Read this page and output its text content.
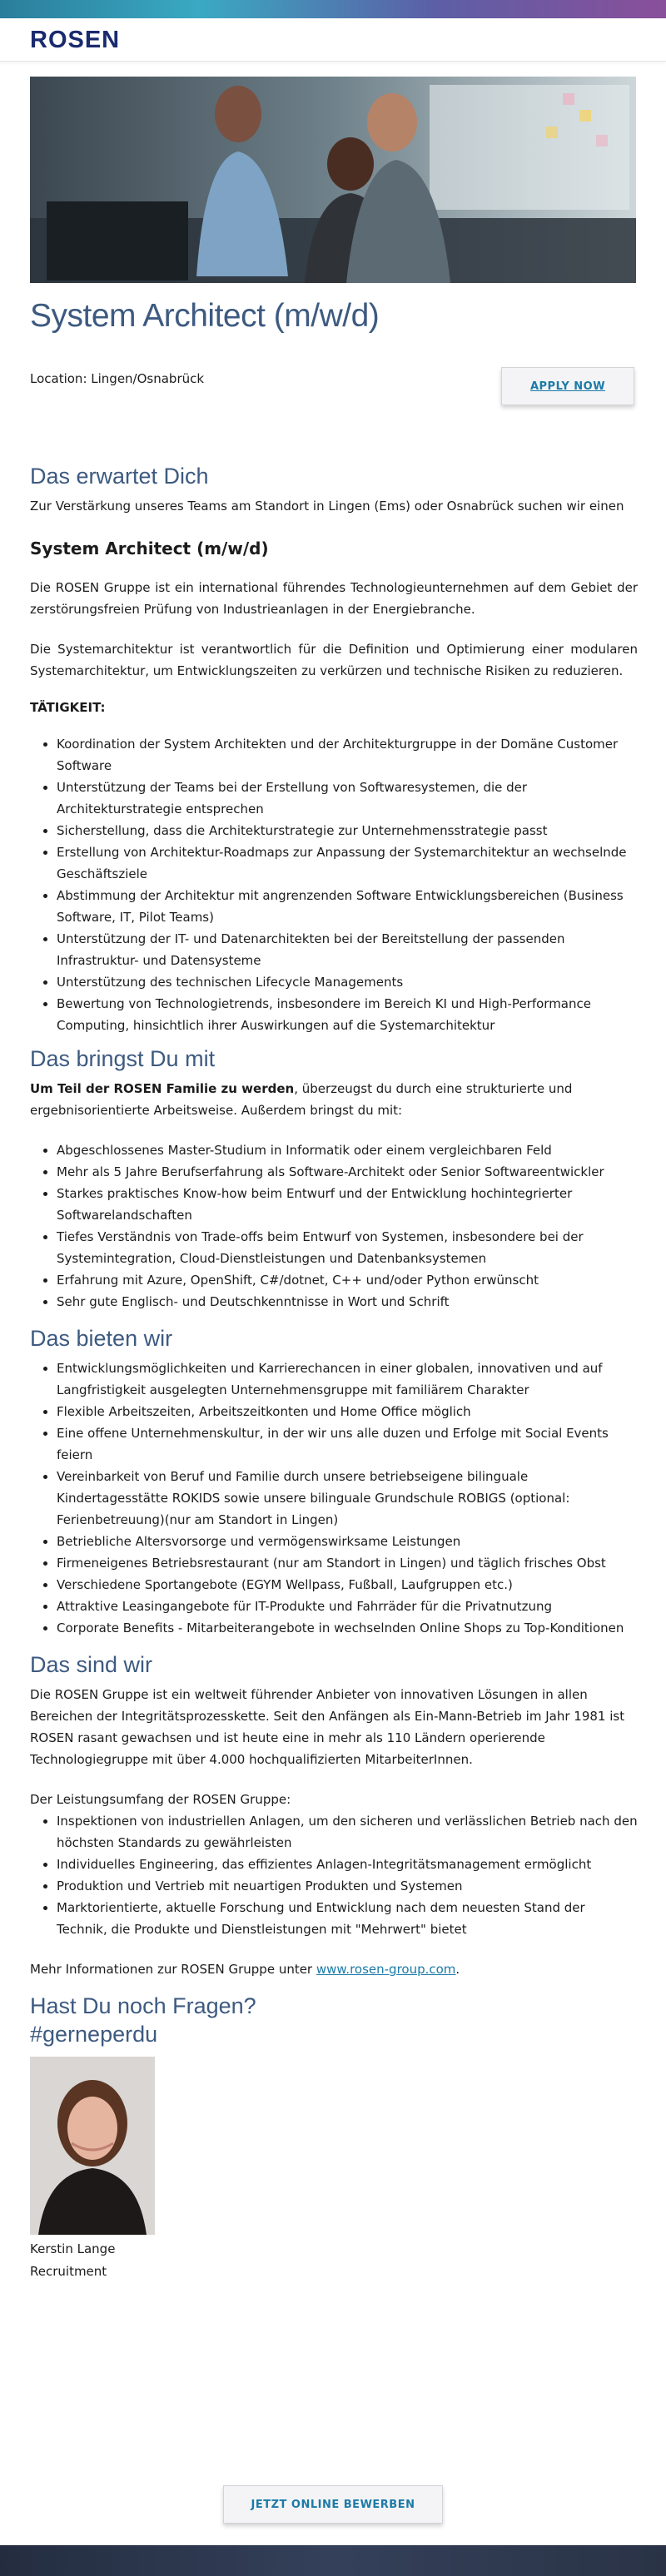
ROSEN
System Architect (m/w/d)
Location: Lingen/Osnabrück	APPLY NOW
Das erwartet Dich

Zur Verstärkung unseres Teams am Standort in Lingen (Ems) oder Osnabrück suchen wir einen

System Architect (m/w/d)

Die ROSEN Gruppe ist ein international führendes Technologieunternehmen auf dem Gebiet der zerstörungsfreien Prüfung von Industrieanlagen in der Energiebranche.

Die Systemarchitektur ist verantwortlich für die Definition und Optimierung einer modularen Systemarchitektur, um Entwicklungszeiten zu verkürzen und technische Risiken zu reduzieren.

TÄTIGKEIT:
• Koordination der System Architekten und der Architekturgruppe in der Domäne Customer Software
• Unterstützung der Teams bei der Erstellung von Softwaresystemen, die der Architekturstrategie entsprechen
• Sicherstellung, dass die Architekturstrategie zur Unternehmensstrategie passt
• Erstellung von Architektur-Roadmaps zur Anpassung der Systemarchitektur an wechselnde Geschäftsziele
• Abstimmung der Architektur mit angrenzenden Software Entwicklungsbereichen (Business Software, IT, Pilot Teams)
• Unterstützung der IT- und Datenarchitekten bei der Bereitstellung der passenden Infrastruktur- und Datensysteme
• Unterstützung des technischen Lifecycle Managements
• Bewertung von Technologietrends, insbesondere im Bereich KI und High-Performance Computing, hinsichtlich ihrer Auswirkungen auf die Systemarchitektur
Das bringst Du mit

Um Teil der ROSEN Familie zu werden, überzeugst du durch eine strukturierte und ergebnisorientierte Arbeitsweise. Außerdem bringst du mit:

• Abgeschlossenes Master-Studium in Informatik oder einem vergleichbaren Feld
• Mehr als 5 Jahre Berufserfahrung als Software-Architekt oder Senior Softwareentwickler
• Starkes praktisches Know-how beim Entwurf und der Entwicklung hochintegrierter Softwarelandschaften
• Tiefes Verständnis von Trade-offs beim Entwurf von Systemen, insbesondere bei der Systemintegration, Cloud-Dienstleistungen und Datenbanksystemen
• Erfahrung mit Azure, OpenShift, C#/dotnet, C++ und/oder Python erwünscht
• Sehr gute Englisch- und Deutschkenntnisse in Wort und Schrift
Das bieten wir
• Entwicklungsmöglichkeiten und Karrierechancen in einer globalen, innovativen und auf Langfristigkeit ausgelegten Unternehmensgruppe mit familiärem Charakter
• Flexible Arbeitszeiten, Arbeitszeitkonten und Home Office möglich
• Eine offene Unternehmenskultur, in der wir uns alle duzen und Erfolge mit Social Events feiern
• Vereinbarkeit von Beruf und Familie durch unsere betriebseigene bilinguale Kindertagesstätte ROKIDS sowie unsere bilinguale Grundschule ROBIGS (optional: Ferienbetreuung)(nur am Standort in Lingen)
• Betriebliche Altersvorsorge und vermögenswirksame Leistungen
• Firmeneigenes Betriebsrestaurant (nur am Standort in Lingen) und täglich frisches Obst
• Verschiedene Sportangebote (EGYM Wellpass, Fußball, Laufgruppen etc.)
• Attraktive Leasingangebote für IT-Produkte und Fahrräder für die Privatnutzung
• Corporate Benefits - Mitarbeiterangebote in wechselnden Online Shops zu Top-Konditionen
Das sind wir

Die ROSEN Gruppe ist ein weltweit führender Anbieter von innovativen Lösungen in allen Bereichen der Integritätsprozesskette. Seit den Anfängen als Ein-Mann-Betrieb im Jahr 1981 ist ROSEN rasant gewachsen und ist heute eine in mehr als 110 Ländern operierende Technologiegruppe mit über 4.000 hochqualifizierten MitarbeiterInnen.

Der Leistungsumfang der ROSEN Gruppe:

• Inspektionen von industriellen Anlagen, um den sicheren und verlässlichen Betrieb nach den höchsten Standards zu gewährleisten
• Individuelles Engineering, das effizientes Anlagen-Integritätsmanagement ermöglicht
• Produktion und Vertrieb mit neuartigen Produkten und Systemen
• Marktorientierte, aktuelle Forschung und Entwicklung nach dem neuesten Stand der Technik, die Produkte und Dienstleistungen mit "Mehrwert" bietet

Mehr Informationen zur ROSEN Gruppe unter www.rosen-group.com.

Hast Du noch Fragen?
#gerneperdu
Kerstin Lange
Recruitment
JETZT ONLINE BEWERBEN
